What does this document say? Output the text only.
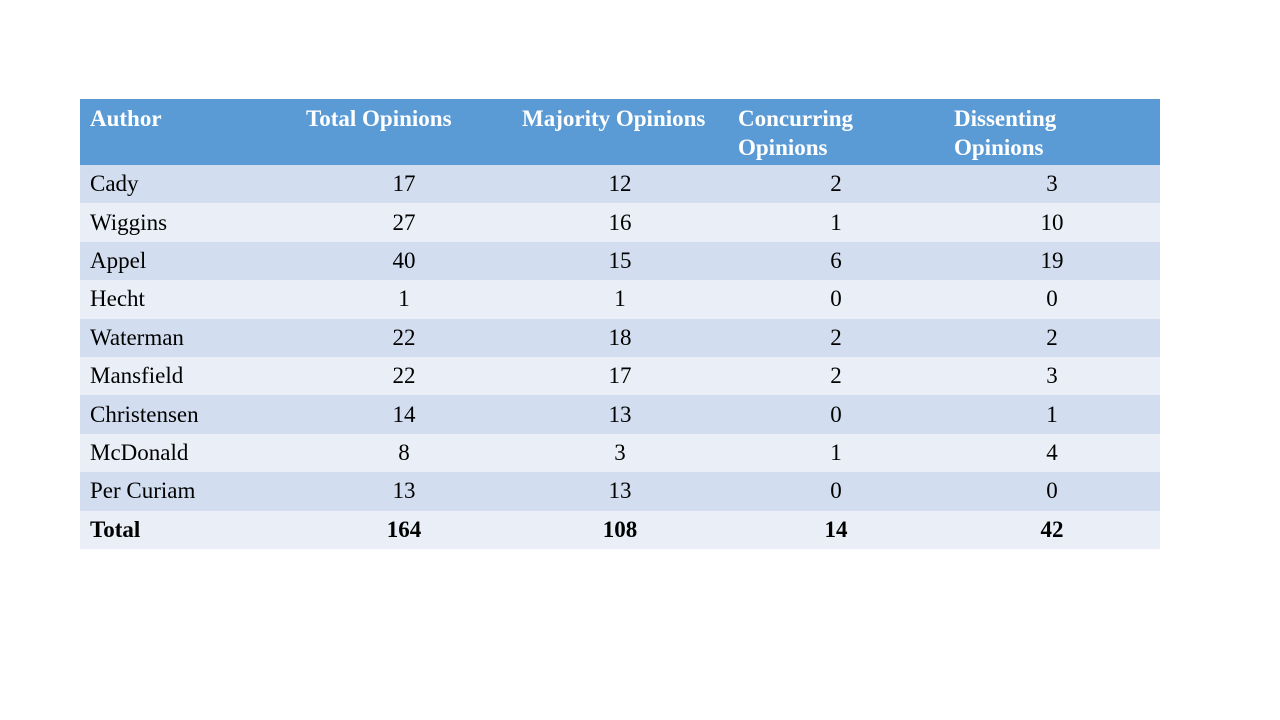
Author	Total Opinions	Majority Opinions	Concurring Opinions	Dissenting Opinions
Cady	17	12	2	3
Wiggins	27	16	1	10
Appel	40	15	6	19
Hecht	1	1	0	0
Waterman	22	18	2	2
Mansfield	22	17	2	3
Christensen	14	13	0	1
McDonald	8	3	1	4
Per Curiam	13	13	0	0
Total	164	108	14	42
